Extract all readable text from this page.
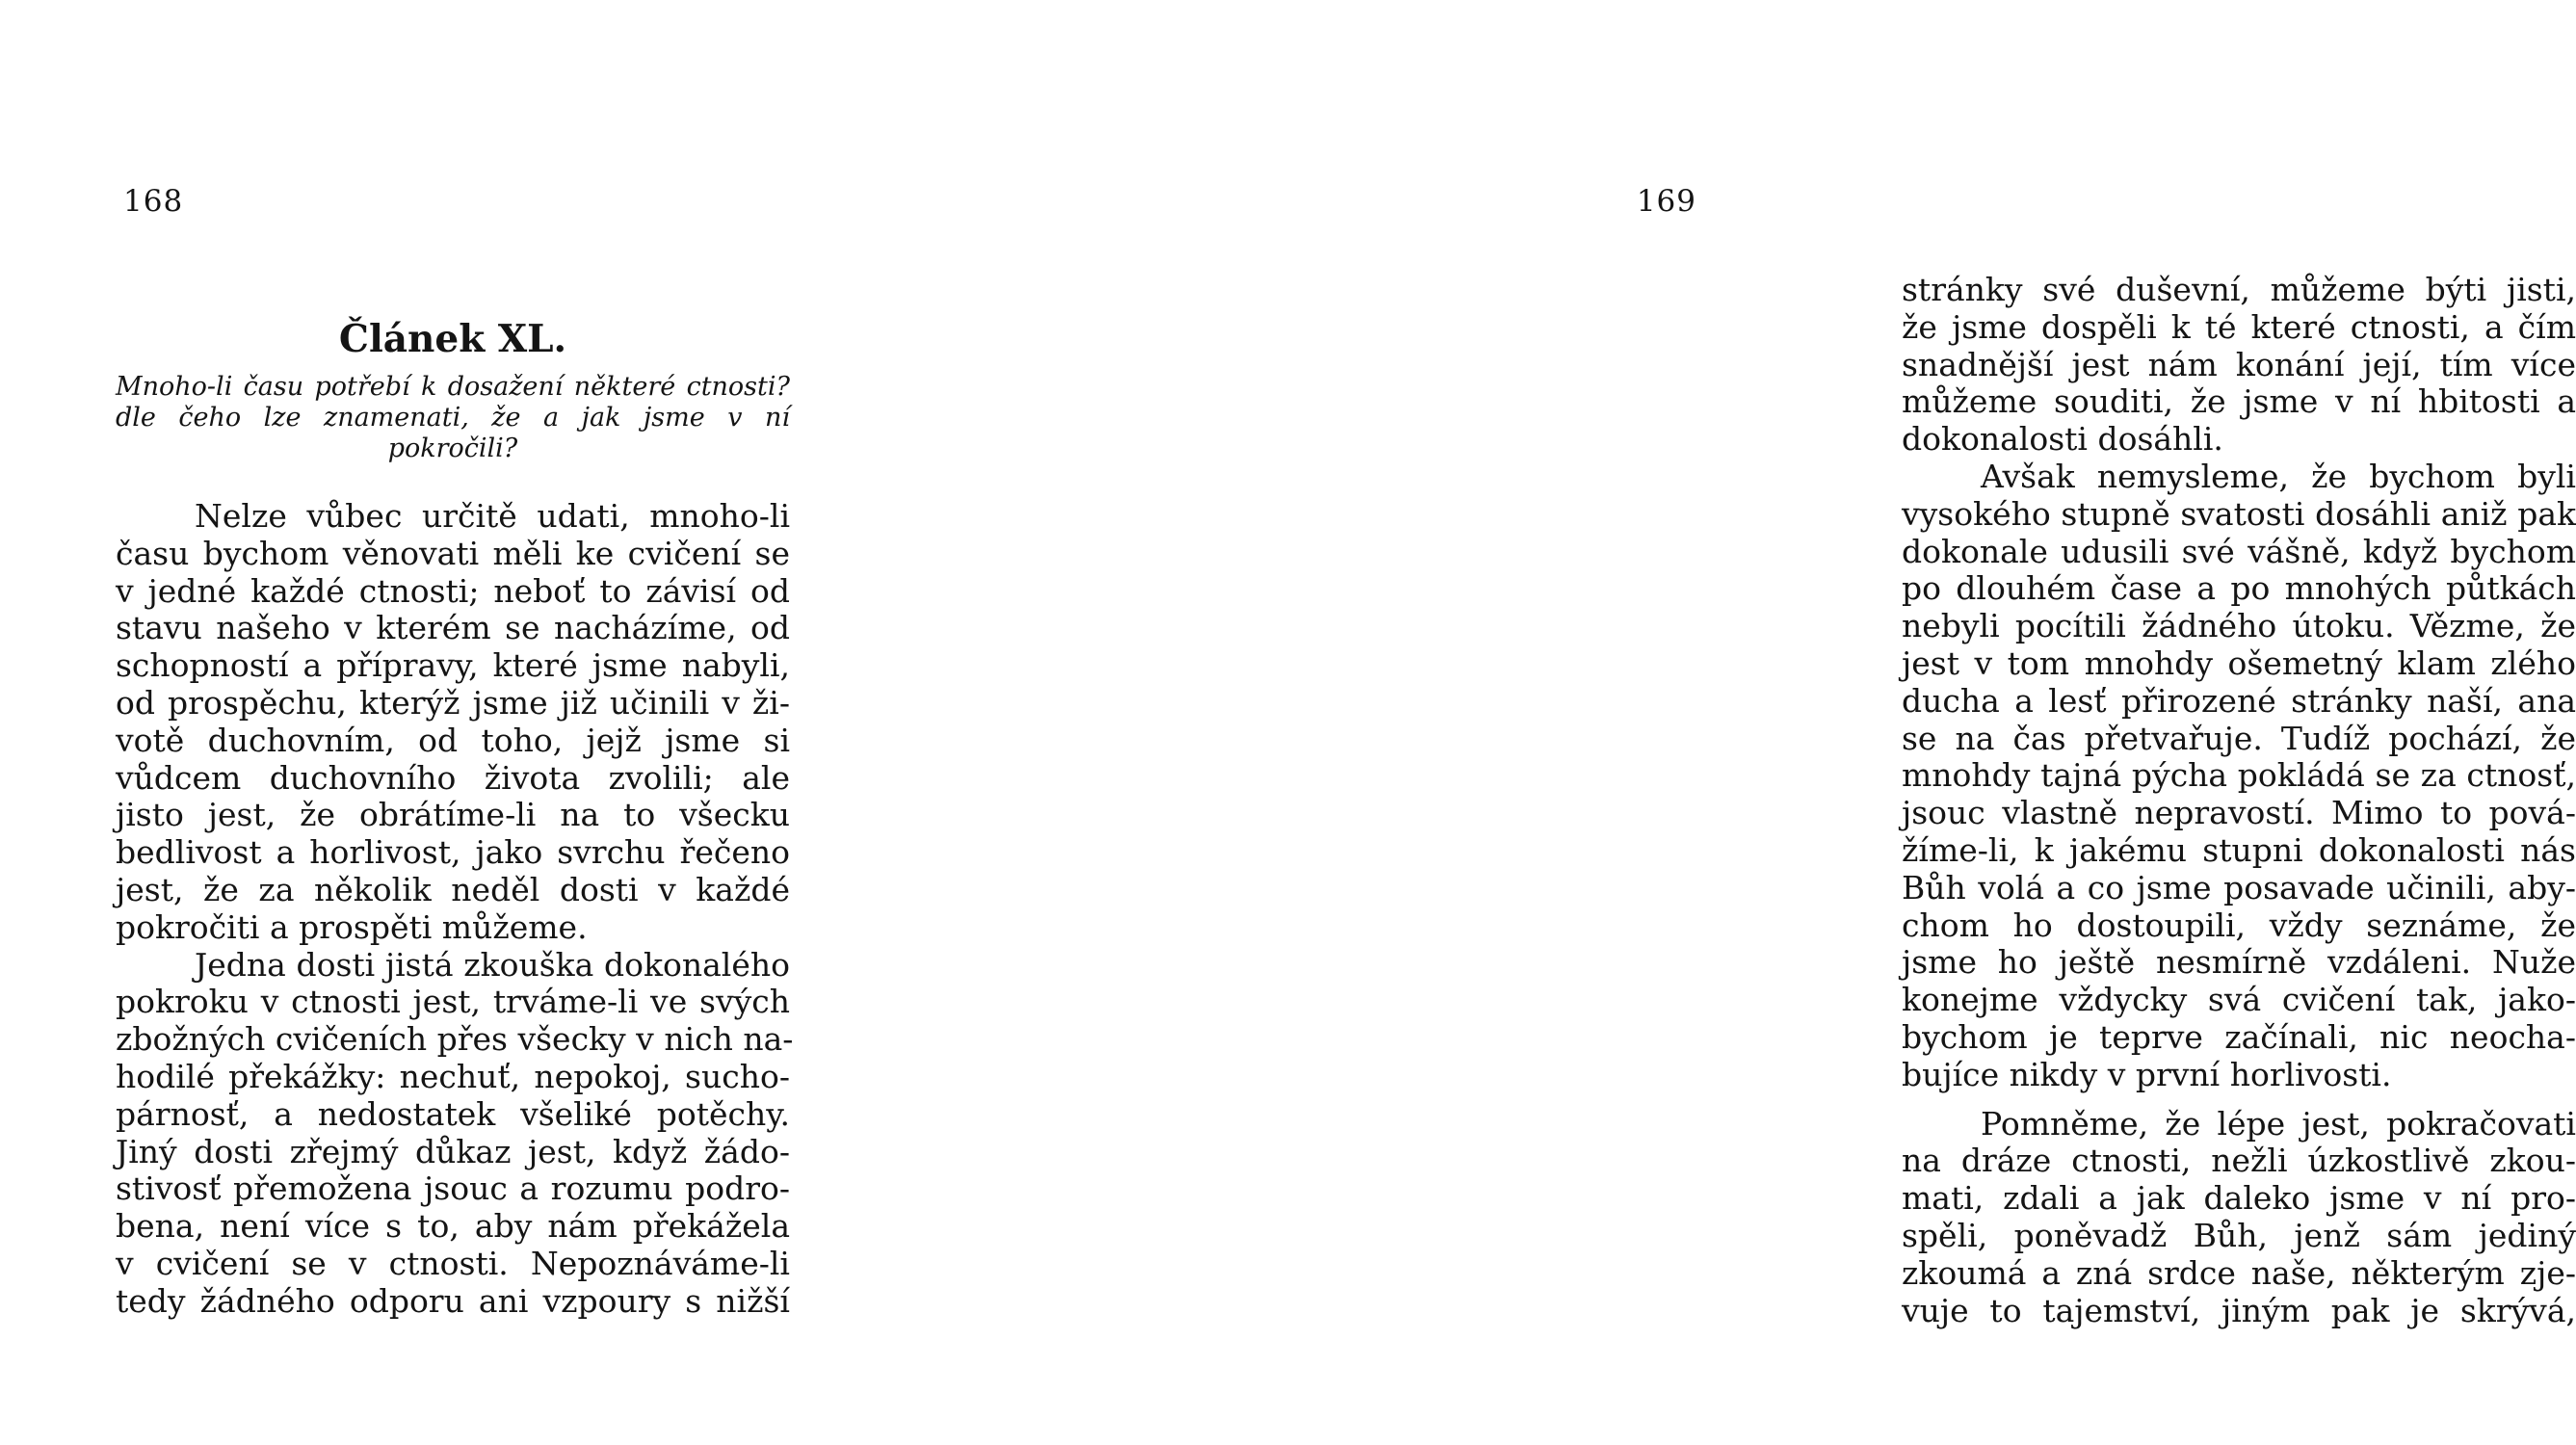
168
Článek XL.
Mnoho-li času potřebí k dosažení některé ctnosti?
dle čeho lze znamenati, že a jak jsme v ní
pokročili?
Nelze vůbec určitě udati, mnoho-li
času bychom věnovati měli ke cvičení se
v jedné každé ctnosti; neboť to závisí od
stavu našeho v kterém se nacházíme, od
schopností a přípravy, které jsme nabyli,
od prospěchu, kterýž jsme již učinili v ži-
votě duchovním, od toho, jejž jsme si
vůdcem duchovního života zvolili; ale
jisto jest, že obrátíme-li na to všecku
bedlivost a horlivost, jako svrchu řečeno
jest, že za několik neděl dosti v každé
pokročiti a prospěti můžeme.
Jedna dosti jistá zkouška dokonalého
pokroku v ctnosti jest, trváme-li ve svých
zbožných cvičeních přes všecky v nich na-
hodilé překážky: nechuť, nepokoj, sucho-
párnosť, a nedostatek všeliké potěchy.
Jiný dosti zřejmý důkaz jest, když žádo-
stivosť přemožena jsouc a rozumu podro-
bena, není více s to, aby nám překážela
v cvičení se v ctnosti. Nepoznáváme-li
tedy žádného odporu ani vzpoury s nižší
169
stránky své duševní, můžeme býti jisti,
že jsme dospěli k té které ctnosti, a čím
snadnější jest nám konání její, tím více
můžeme souditi, že jsme v ní hbitosti a
dokonalosti dosáhli.
Avšak nemysleme, že bychom byli
vysokého stupně svatosti dosáhli aniž pak
dokonale udusili své vášně, když bychom
po dlouhém čase a po mnohých půtkách
nebyli pocítili žádného útoku. Vězme, že
jest v tom mnohdy ošemetný klam zlého
ducha a lesť přirozené stránky naší, ana
se na čas přetvařuje. Tudíž pochází, že
mnohdy tajná pýcha pokládá se za ctnosť,
jsouc vlastně nepravostí. Mimo to pová-
žíme-li, k jakému stupni dokonalosti nás
Bůh volá a co jsme posavade učinili, aby-
chom ho dostoupili, vždy seznáme, že
jsme ho ještě nesmírně vzdáleni. Nuže
konejme vždycky svá cvičení tak, jako-
bychom je teprve začínali, nic neocha-
bujíce nikdy v první horlivosti.
Pomněme, že lépe jest, pokračovati
na dráze ctnosti, nežli úzkostlivě zkou-
mati, zdali a jak daleko jsme v ní pro-
spěli, poněvadž Bůh, jenž sám jediný
zkoumá a zná srdce naše, některým zje-
vuje to tajemství, jiným pak je skrývá,
